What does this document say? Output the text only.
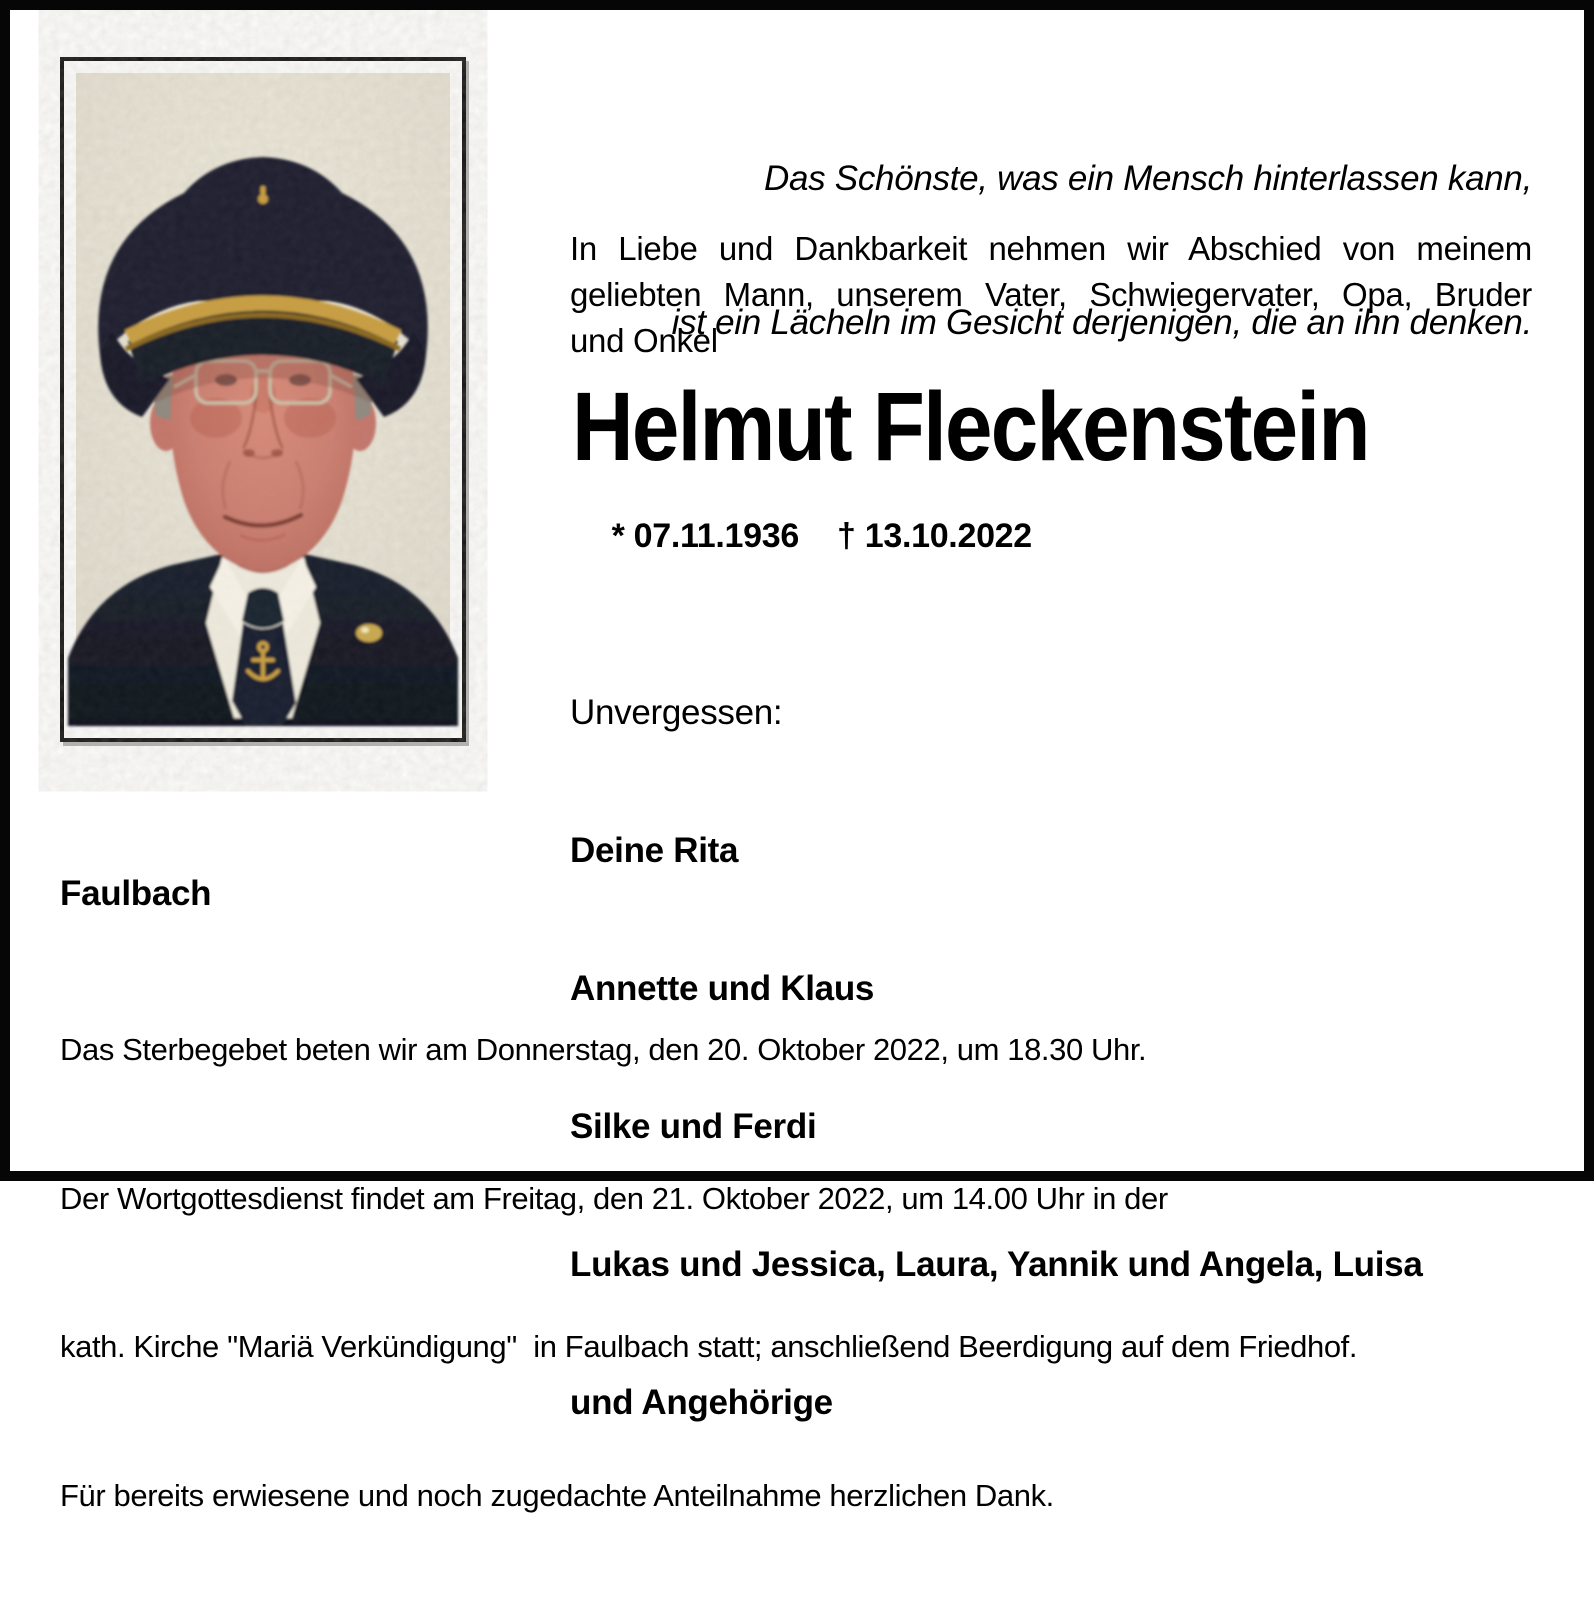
Das Schönste, was ein Mensch hinterlassen kann,

ist ein Lächeln im Gesicht derjenigen, die an ihn denken.

In Liebe und Dankbarkeit nehmen wir Abschied von meinem
geliebten Mann, unserem Vater, Schwiegervater, Opa, Bruder
und Onkel
Helmut Fleckenstein

* 07.11.1936 † 13.10.2022

Unvergessen:

Deine Rita

Annette und Klaus

Silke und Ferdi

Lukas und Jessica, Laura, Yannik und Angela, Luisa

und Angehörige

Faulbach

Das Sterbegebet beten wir am Donnerstag, den 20. Oktober 2022, um 18.30 Uhr.

Der Wortgottesdienst findet am Freitag, den 21. Oktober 2022, um 14.00 Uhr in der

kath. Kirche "Mariä Verkündigung"  in Faulbach statt; anschließend Beerdigung auf dem Friedhof.

Für bereits erwiesene und noch zugedachte Anteilnahme herzlichen Dank.
